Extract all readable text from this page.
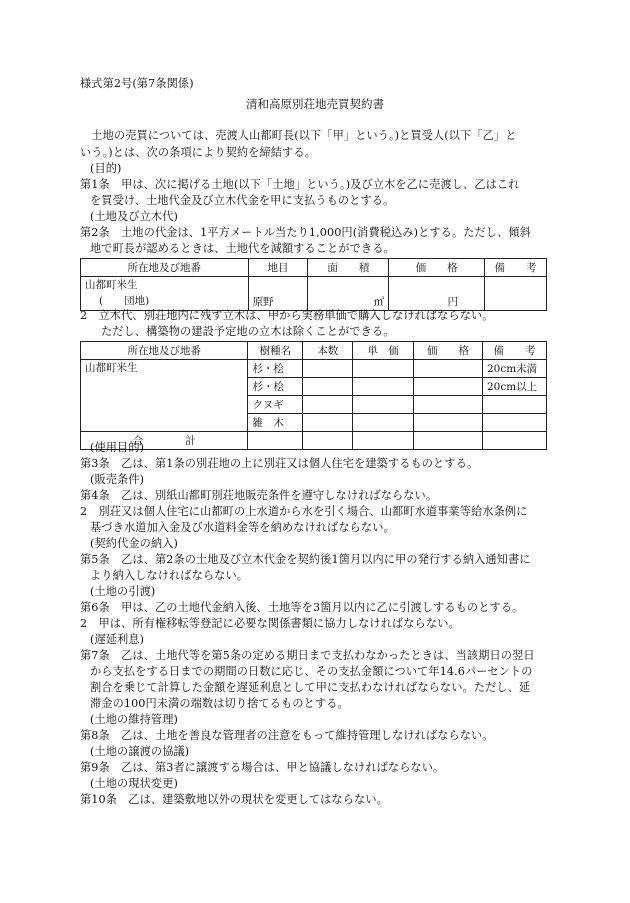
様式第2号(第7条関係)
清和高原別荘地売買契約書
　土地の売買については、売渡人山都町長(以下「甲」という。)と買受人(以下「乙」と
いう。)とは、次の条項により契約を締結する。
(目的)
第1条　甲は、次に掲げる土地(以下「土地」という。)及び立木を乙に売渡し、乙はこれ
を買受け、土地代金及び立木代金を甲に支払うものとする。
(土地及び立木代)
第2条　土地の代金は、1平方メートル当たり1,000円(消費税込み)とする。ただし、傾斜
地で町長が認めるときは、土地代を減額することができる。
所在地及び地番	地目	面　　積	価　　格	備　　考

山都町米生
(　　団地)	原野	㎡	円	
2　立木代、別荘地内に残す立木は、甲から実務単価で購入しなければならない。
ただし、構築物の建設予定地の立木は除くことができる。
所在地及び地番	樹種名	本数	単　価	価　　格	備　　考
山都町米生	杉・桧				20cm未満
	杉・桧				20cm以上
	クヌギ				
	雑　木				
合　　　　計					
(使用目的)
第3条　乙は、第1条の別荘地の上に別荘又は個人住宅を建築するものとする。
(販売条件)
第4条　乙は、別紙山都町別荘地販売条件を遵守しなければならない。
2　別荘又は個人住宅に山都町の上水道から水を引く場合、山都町水道事業等給水条例に
基づき水道加入金及び水道料金等を納めなければならない。
(契約代金の納入)
第5条　乙は、第2条の土地及び立木代金を契約後1箇月以内に甲の発行する納入通知書に
より納入しなければならない。
(土地の引渡)
第6条　甲は、乙の土地代金納入後、土地等を3箇月以内に乙に引渡しするものとする。
2　甲は、所有権移転等登記に必要な関係書類に協力しなければならない。
(遅延利息)
第7条　乙は、土地代等を第5条の定める期日まで支払わなかったときは、当該期日の翌日
から支払をする日までの期間の日数に応じ、その支払金額について年14.6パーセントの
割合を乗じて計算した金額を遅延利息として甲に支払わなければならない。ただし、延
滞金の100円未満の端数は切り捨てるものとする。
(土地の維持管理)
第8条　乙は、土地を善良な管理者の注意をもって維持管理しなければならない。
(土地の譲渡の協議)
第9条　乙は、第3者に譲渡する場合は、甲と協議しなければならない。
(土地の現状変更)
第10条　乙は、建築敷地以外の現状を変更してはならない。
